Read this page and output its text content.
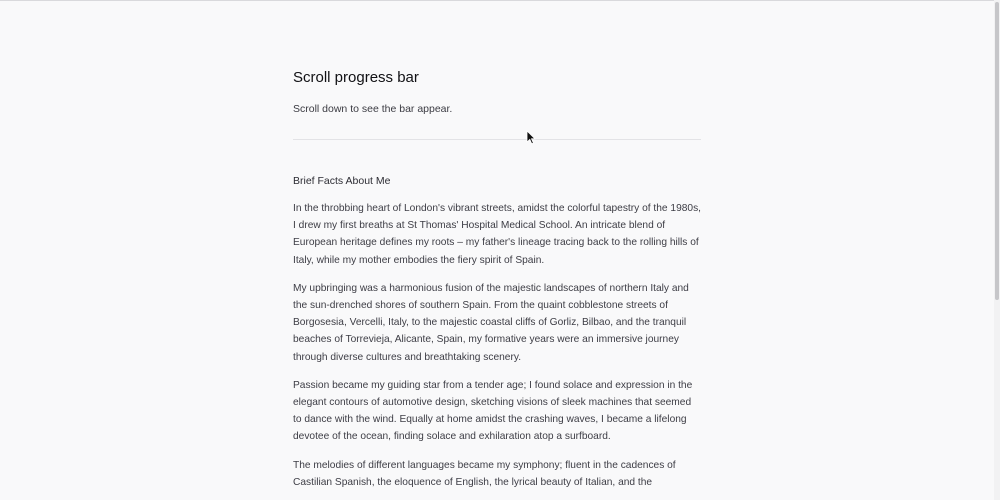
Scroll progress bar

Scroll down to see the bar appear.

Brief Facts About Me

In the throbbing heart of London's vibrant streets, amidst the colorful tapestry of the 1980s, I drew my first breaths at St Thomas' Hospital Medical School. An intricate blend of European heritage defines my roots – my father's lineage tracing back to the rolling hills of Italy, while my mother embodies the fiery spirit of Spain.

My upbringing was a harmonious fusion of the majestic landscapes of northern Italy and the sun-drenched shores of southern Spain. From the quaint cobblestone streets of Borgosesia, Vercelli, Italy, to the majestic coastal cliffs of Gorliz, Bilbao, and the tranquil beaches of Torrevieja, Alicante, Spain, my formative years were an immersive journey through diverse cultures and breathtaking scenery.

Passion became my guiding star from a tender age; I found solace and expression in the elegant contours of automotive design, sketching visions of sleek machines that seemed to dance with the wind. Equally at home amidst the crashing waves, I became a lifelong devotee of the ocean, finding solace and exhilaration atop a surfboard.

The melodies of different languages became my symphony; fluent in the cadences of Castilian Spanish, the eloquence of English, the lyrical beauty of Italian, and the
